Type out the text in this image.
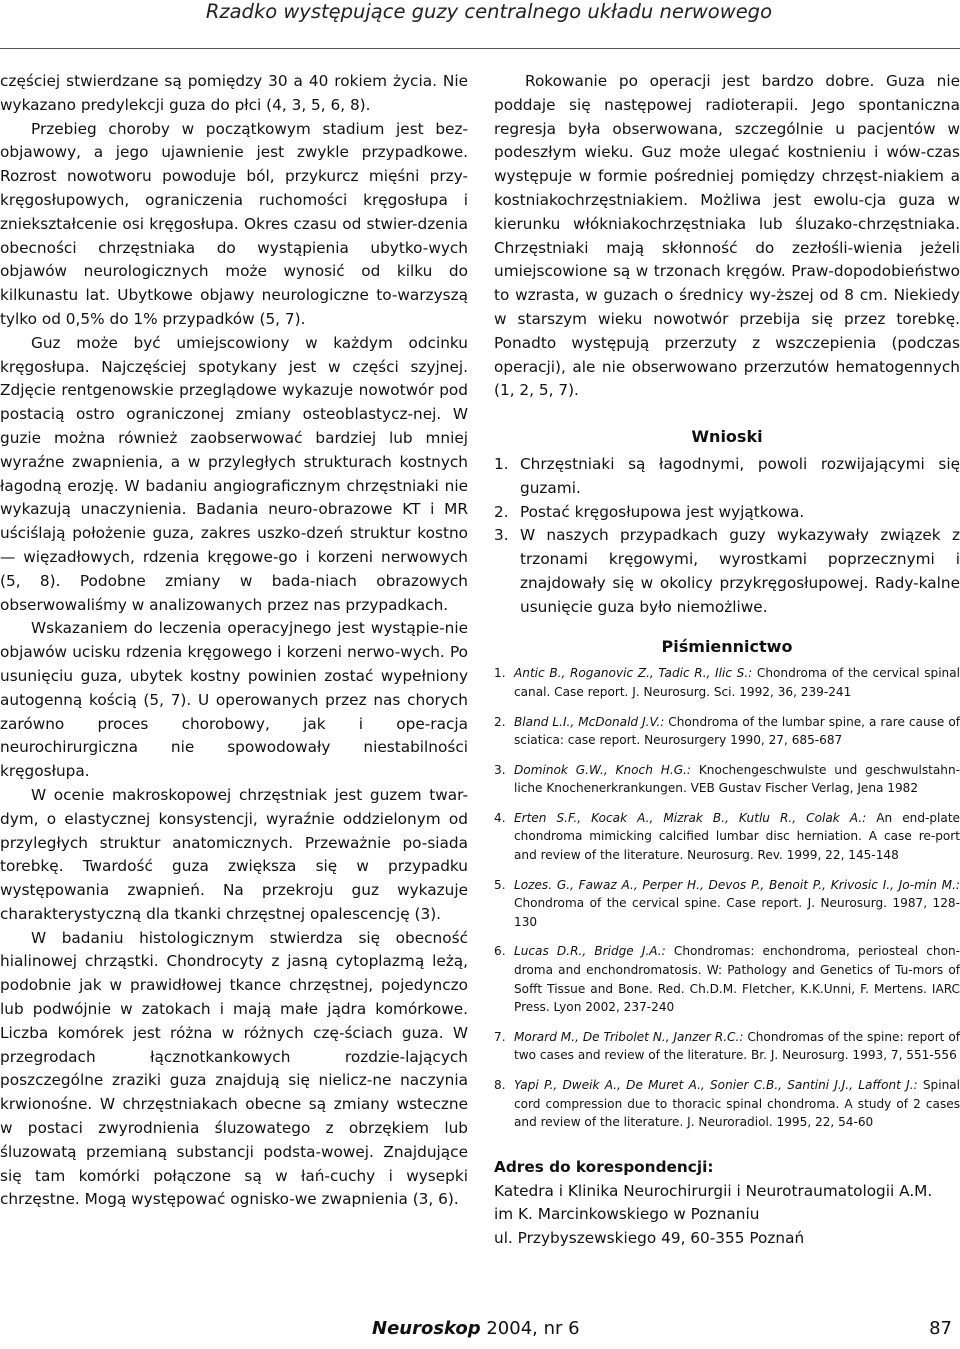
Rzadko występujące guzy centralnego układu nerwowego

częściej stwierdzane są pomiędzy 30 a 40 rokiem życia. Nie wykazano predylekcji guza do płci (4, 3, 5, 6, 8).

Przebieg choroby w początkowym stadium jest bez-objawowy, a jego ujawnienie jest zwykle przypadkowe. Rozrost nowotworu powoduje ból, przykurcz mięśni przy-kręgosłupowych, ograniczenia ruchomości kręgosłupa i zniekształcenie osi kręgosłupa. Okres czasu od stwier-dzenia obecności chrzęstniaka do wystąpienia ubytko-wych objawów neurologicznych może wynosić od kilku do kilkunastu lat. Ubytkowe objawy neurologiczne to-warzyszą tylko od 0,5% do 1% przypadków (5, 7).

Guz może być umiejscowiony w każdym odcinku kręgosłupa. Najczęściej spotykany jest w części szyjnej. Zdjęcie rentgenowskie przeglądowe wykazuje nowotwór pod postacią ostro ograniczonej zmiany osteoblastycz-nej. W guzie można również zaobserwować bardziej lub mniej wyraźne zwapnienia, a w przyległych strukturach kostnych łagodną erozję. W badaniu angiograficznym chrzęstniaki nie wykazują unaczynienia. Badania neuro-obrazowe KT i MR uściślają położenie guza, zakres uszko-dzeń struktur kostno — więzadłowych, rdzenia kręgowe-go i korzeni nerwowych (5, 8). Podobne zmiany w bada-niach obrazowych obserwowaliśmy w analizowanych przez nas przypadkach.

Wskazaniem do leczenia operacyjnego jest wystąpie-nie objawów ucisku rdzenia kręgowego i korzeni nerwo-wych. Po usunięciu guza, ubytek kostny powinien zostać wypełniony autogenną kością (5, 7). U operowanych przez nas chorych zarówno proces chorobowy, jak i ope-racja neurochirurgiczna nie spowodowały niestabilności kręgosłupa.

W ocenie makroskopowej chrzęstniak jest guzem twar-dym, o elastycznej konsystencji, wyraźnie oddzielonym od przyległych struktur anatomicznych. Przeważnie po-siada torebkę. Twardość guza zwiększa się w przypadku występowania zwapnień. Na przekroju guz wykazuje charakterystyczną dla tkanki chrzęstnej opalescencję (3).

W badaniu histologicznym stwierdza się obecność hialinowej chrząstki. Chondrocyty z jasną cytoplazmą leżą, podobnie jak w prawidłowej tkance chrzęstnej, pojedynczo lub podwójnie w zatokach i mają małe jądra komórkowe. Liczba komórek jest różna w różnych czę-ściach guza. W przegrodach łącznotkankowych rozdzie-lających poszczególne zraziki guza znajdują się nielicz-ne naczynia krwionośne. W chrzęstniakach obecne są zmiany wsteczne w postaci zwyrodnienia śluzowatego z obrzękiem lub śluzowatą przemianą substancji podsta-wowej. Znajdujące się tam komórki połączone są w łań-cuchy i wysepki chrzęstne. Mogą występować ognisko-we zwapnienia (3, 6).

Rokowanie po operacji jest bardzo dobre. Guza nie poddaje się następowej radioterapii. Jego spontaniczna regresja była obserwowana, szczególnie u pacjentów w podeszłym wieku. Guz może ulegać kostnieniu i wów-czas występuje w formie pośredniej pomiędzy chrzęst-niakiem a kostniakochrzęstniakiem. Możliwa jest ewolu-cja guza w kierunku włókniakochrzęstniaka lub śluzako-chrzęstniaka. Chrzęstniaki mają skłonność do zezłośli-wienia jeżeli umiejscowione są w trzonach kręgów. Praw-dopodobieństwo to wzrasta, w guzach o średnicy wy-ższej od 8 cm. Niekiedy w starszym wieku nowotwór przebija się przez torebkę. Ponadto występują przerzuty z wszczepienia (podczas operacji), ale nie obserwowano przerzutów hematogennych (1, 2, 5, 7).

Wnioski
1. Chrzęstniaki są łagodnymi, powoli rozwijającymi się guzami.
2. Postać kręgosłupowa jest wyjątkowa.
3. W naszych przypadkach guzy wykazywały związek z trzonami kręgowymi, wyrostkami poprzecznymi i znajdowały się w okolicy przykręgosłupowej. Rady-kalne usunięcie guza było niemożliwe.
Piśmiennictwo
1. Antic B., Roganovic Z., Tadic R., Ilic S.: Chondroma of the cervical spinal canal. Case report. J. Neurosurg. Sci. 1992, 36, 239-241
2. Bland L.I., McDonald J.V.: Chondroma of the lumbar spine, a rare cause of sciatica: case report. Neurosurgery 1990, 27, 685-687
3. Dominok G.W., Knoch H.G.: Knochengeschwulste und geschwulstahn-liche Knochenerkrankungen. VEB Gustav Fischer Verlag, Jena 1982
4. Erten S.F., Kocak A., Mizrak B., Kutlu R., Colak A.: An end-plate chondroma mimicking calcified lumbar disc herniation. A case re-port and review of the literature. Neurosurg. Rev. 1999, 22, 145-148
5. Lozes. G., Fawaz A., Perper H., Devos P., Benoit P., Krivosic I., Jo-min M.: Chondroma of the cervical spine. Case report. J. Neurosurg. 1987, 128-130
6. Lucas D.R., Bridge J.A.: Chondromas: enchondroma, periosteal chon-droma and enchondromatosis. W: Pathology and Genetics of Tu-mors of Sofft Tissue and Bone. Red. Ch.D.M. Fletcher, K.K.Unni, F. Mertens. IARC Press. Lyon 2002, 237-240
7. Morard M., De Tribolet N., Janzer R.C.: Chondromas of the spine: report of two cases and review of the literature. Br. J. Neurosurg. 1993, 7, 551-556
8. Yapi P., Dweik A., De Muret A., Sonier C.B., Santini J.J., Laffont J.: Spinal cord compression due to thoracic spinal chondroma. A study of 2 cases and review of the literature. J. Neuroradiol. 1995, 22, 54-60
Adres do korespondencji:
Katedra i Klinika Neurochirurgii i Neurotraumatologii A.M.
im K. Marcinkowskiego w Poznaniu
ul. Przybyszewskiego 49, 60-355 Poznań
Neuroskop 2004, nr 6	87
